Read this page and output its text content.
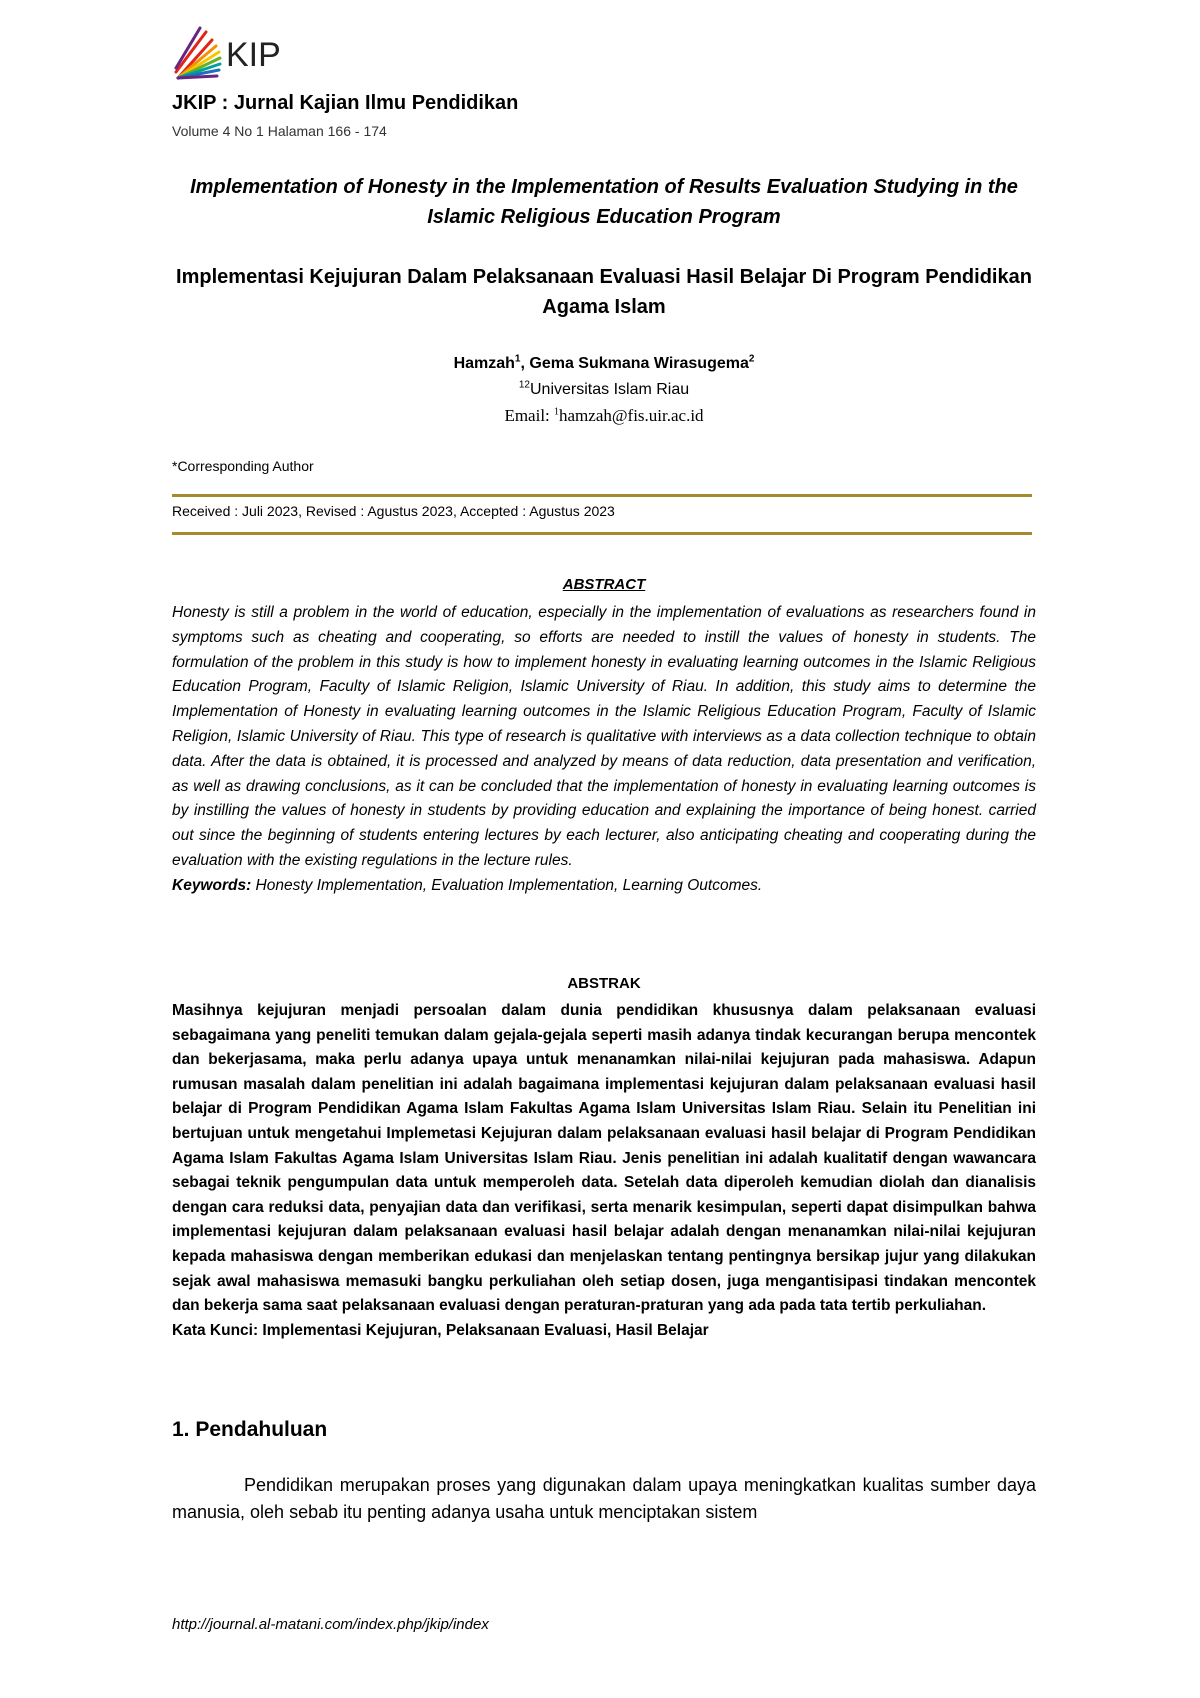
KIP
JKIP : Jurnal Kajian Ilmu Pendidikan
Volume 4 No 1 Halaman 166 - 174
Implementation of Honesty in the Implementation of Results Evaluation Studying in the Islamic Religious Education Program
Implementasi Kejujuran Dalam Pelaksanaan Evaluasi Hasil Belajar Di Program Pendidikan Agama Islam
Hamzah$^1$, Gema Sukmana Wirasugema$^2$
$^{12}$Universitas Islam Riau
Email: $^1$hamzah@fis.uir.ac.id
*Corresponding Author
Received : Juli 2023, Revised : Agustus 2023, Accepted : Agustus 2023
ABSTRACT
Honesty is still a problem in the world of education, especially in the implementation of evaluations as researchers found in symptoms such as cheating and cooperating, so efforts are needed to instill the values of honesty in students. The formulation of the problem in this study is how to implement honesty in evaluating learning outcomes in the Islamic Religious Education Program, Faculty of Islamic Religion, Islamic University of Riau. In addition, this study aims to determine the Implementation of Honesty in evaluating learning outcomes in the Islamic Religious Education Program, Faculty of Islamic Religion, Islamic University of Riau. This type of research is qualitative with interviews as a data collection technique to obtain data. After the data is obtained, it is processed and analyzed by means of data reduction, data presentation and verification, as well as drawing conclusions, as it can be concluded that the implementation of honesty in evaluating learning outcomes is by instilling the values of honesty in students by providing education and explaining the importance of being honest. carried out since the beginning of students entering lectures by each lecturer, also anticipating cheating and cooperating during the evaluation with the existing regulations in the lecture rules.
Keywords: Honesty Implementation, Evaluation Implementation, Learning Outcomes.
ABSTRAK
Masihnya kejujuran menjadi persoalan dalam dunia pendidikan khususnya dalam pelaksanaan evaluasi sebagaimana yang peneliti temukan dalam gejala-gejala seperti masih adanya tindak kecurangan berupa mencontek dan bekerjasama, maka perlu adanya upaya untuk menanamkan nilai-nilai kejujuran pada mahasiswa. Adapun rumusan masalah dalam penelitian ini adalah bagaimana implementasi kejujuran dalam pelaksanaan evaluasi hasil belajar di Program Pendidikan Agama Islam Fakultas Agama Islam Universitas Islam Riau. Selain itu Penelitian ini bertujuan untuk mengetahui Implemetasi Kejujuran dalam pelaksanaan evaluasi hasil belajar di Program Pendidikan Agama Islam Fakultas Agama Islam Universitas Islam Riau. Jenis penelitian ini adalah kualitatif dengan wawancara sebagai teknik pengumpulan data untuk memperoleh data. Setelah data diperoleh kemudian diolah dan dianalisis dengan cara reduksi data, penyajian data dan verifikasi, serta menarik kesimpulan, seperti dapat disimpulkan bahwa implementasi kejujuran dalam pelaksanaan evaluasi hasil belajar adalah dengan menanamkan nilai-nilai kejujuran kepada mahasiswa dengan memberikan edukasi dan menjelaskan tentang pentingnya bersikap jujur yang dilakukan sejak awal mahasiswa memasuki bangku perkuliahan oleh setiap dosen, juga mengantisipasi tindakan mencontek dan bekerja sama saat pelaksanaan evaluasi dengan peraturan-praturan yang ada pada tata tertib perkuliahan.
Kata Kunci: Implementasi Kejujuran, Pelaksanaan Evaluasi, Hasil Belajar
1. Pendahuluan
Pendidikan merupakan proses yang digunakan dalam upaya meningkatkan kualitas sumber daya manusia, oleh sebab itu penting adanya usaha untuk menciptakan sistem
http://journal.al-matani.com/index.php/jkip/index
